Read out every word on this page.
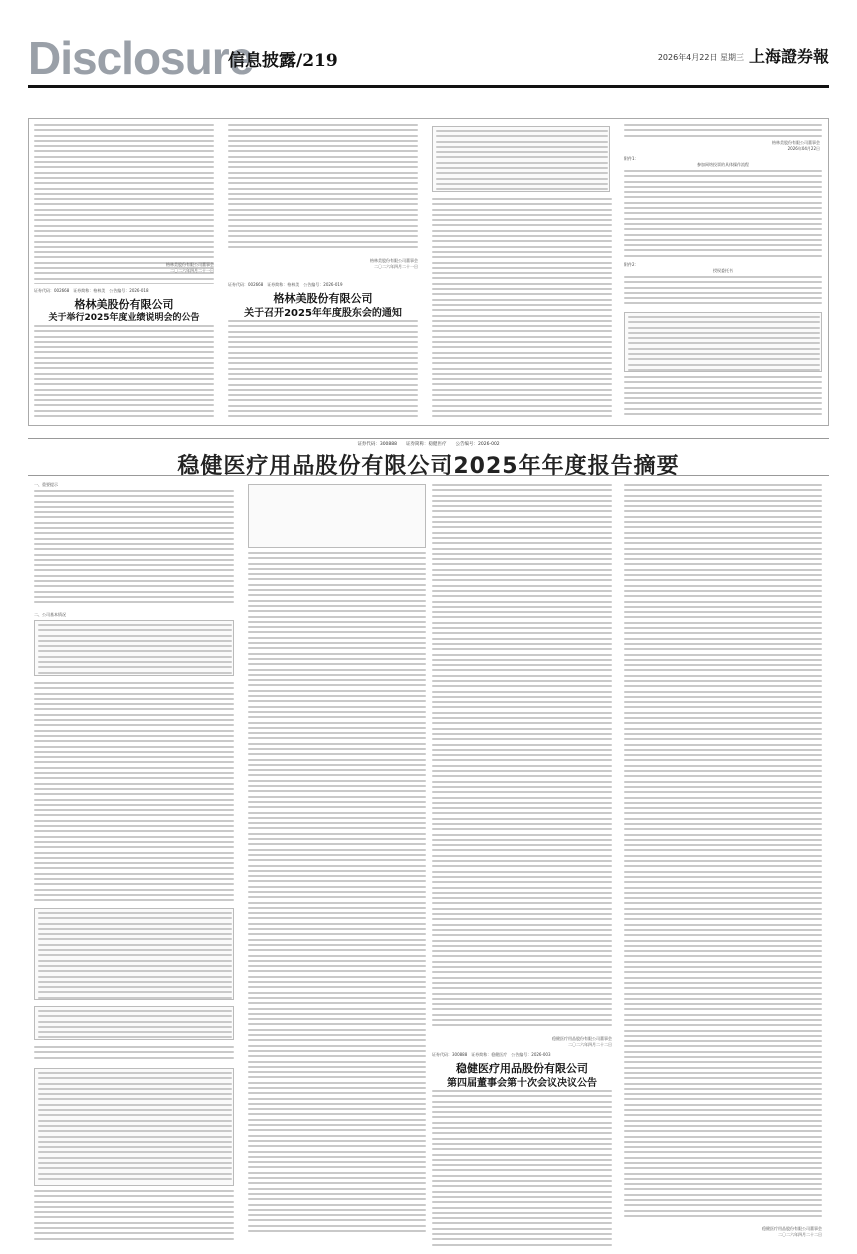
Disclosure
信息披露/219	2026年4月22日 星期三 上海證券報
格林美股份有限公司董事会
二〇二六年四月二十一日
证券代码：002668　证券简称：格林美　公告编号：2026-018
格林美股份有限公司
关于举行2025年度业绩说明会的公告
格林美股份有限公司董事会
二〇二六年四月二十一日
证券代码：002668　证券简称：格林美　公告编号：2026-019
格林美股份有限公司
关于召开2025年年度股东会的通知
格林美股份有限公司董事会
2026年04月22日
附件1：
参加网络投票的具体操作流程
附件2：
授权委托书
证券代码：300888　　证券简称：稳健医疗　　公告编号：2026-002
稳健医疗用品股份有限公司2025年年度报告摘要
一、重要提示
二、公司基本情况
稳健医疗用品股份有限公司董事会
二〇二六年四月二十二日
证券代码：300888　证券简称：稳健医疗　公告编号：2026-003
稳健医疗用品股份有限公司
第四届董事会第十次会议决议公告
稳健医疗用品股份有限公司董事会
二〇二六年四月二十二日
